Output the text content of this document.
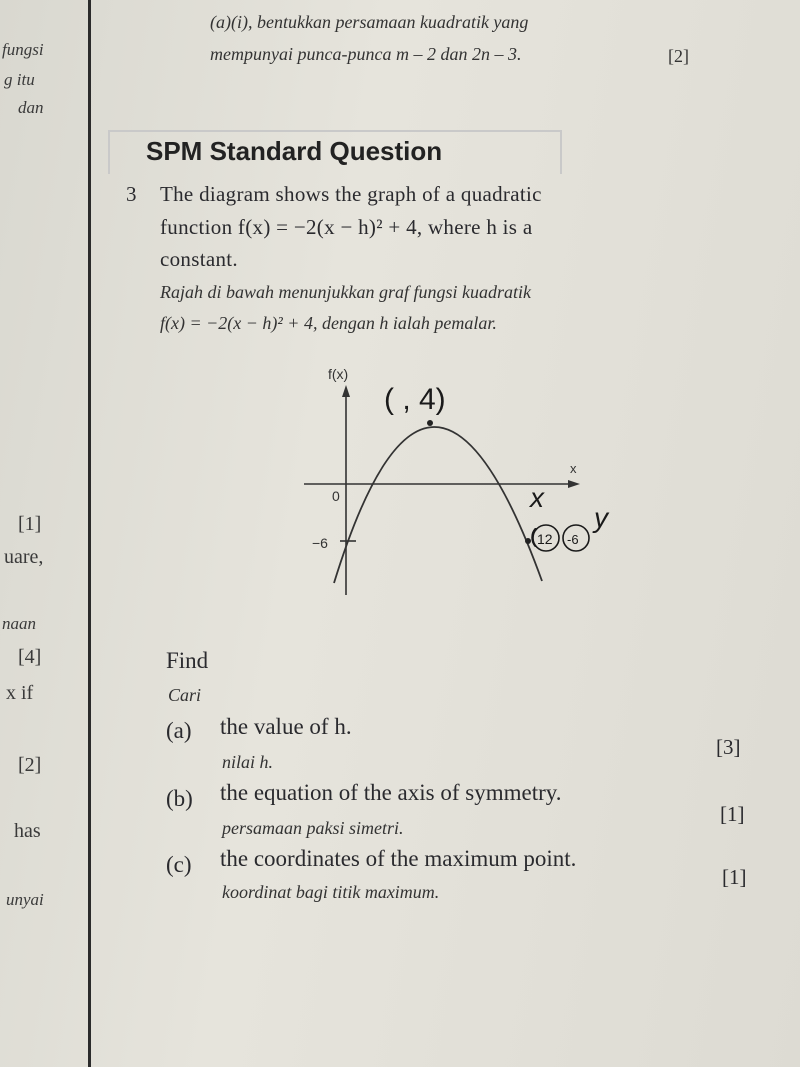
fungsi
g itu
dan
[1]
uare,
naan
[4]
x if
[2]
has
unyai
(a)(i), bentukkan persamaan kuadratik yang
mempunyai punca-punca m – 2 dan 2n – 3.	[2]
SPM Standard Question
3 The diagram shows the graph of a quadratic
function f(x) = −2(x − h)² + 4, where h is a
constant.
Rajah di bawah menunjukkan graf fungsi kuadratik
f(x) = −2(x − h)² + 4, dengan h ialah pemalar.
f(x)
x
0
−6
( , 4)
x
y
( 12 -6
Find
Cari
(a) the value of h.
nilai h.
[3]
(b) the equation of the axis of symmetry.
persamaan paksi simetri.
[1]
(c) the coordinates of the maximum point.
koordinat bagi titik maximum.
[1]
